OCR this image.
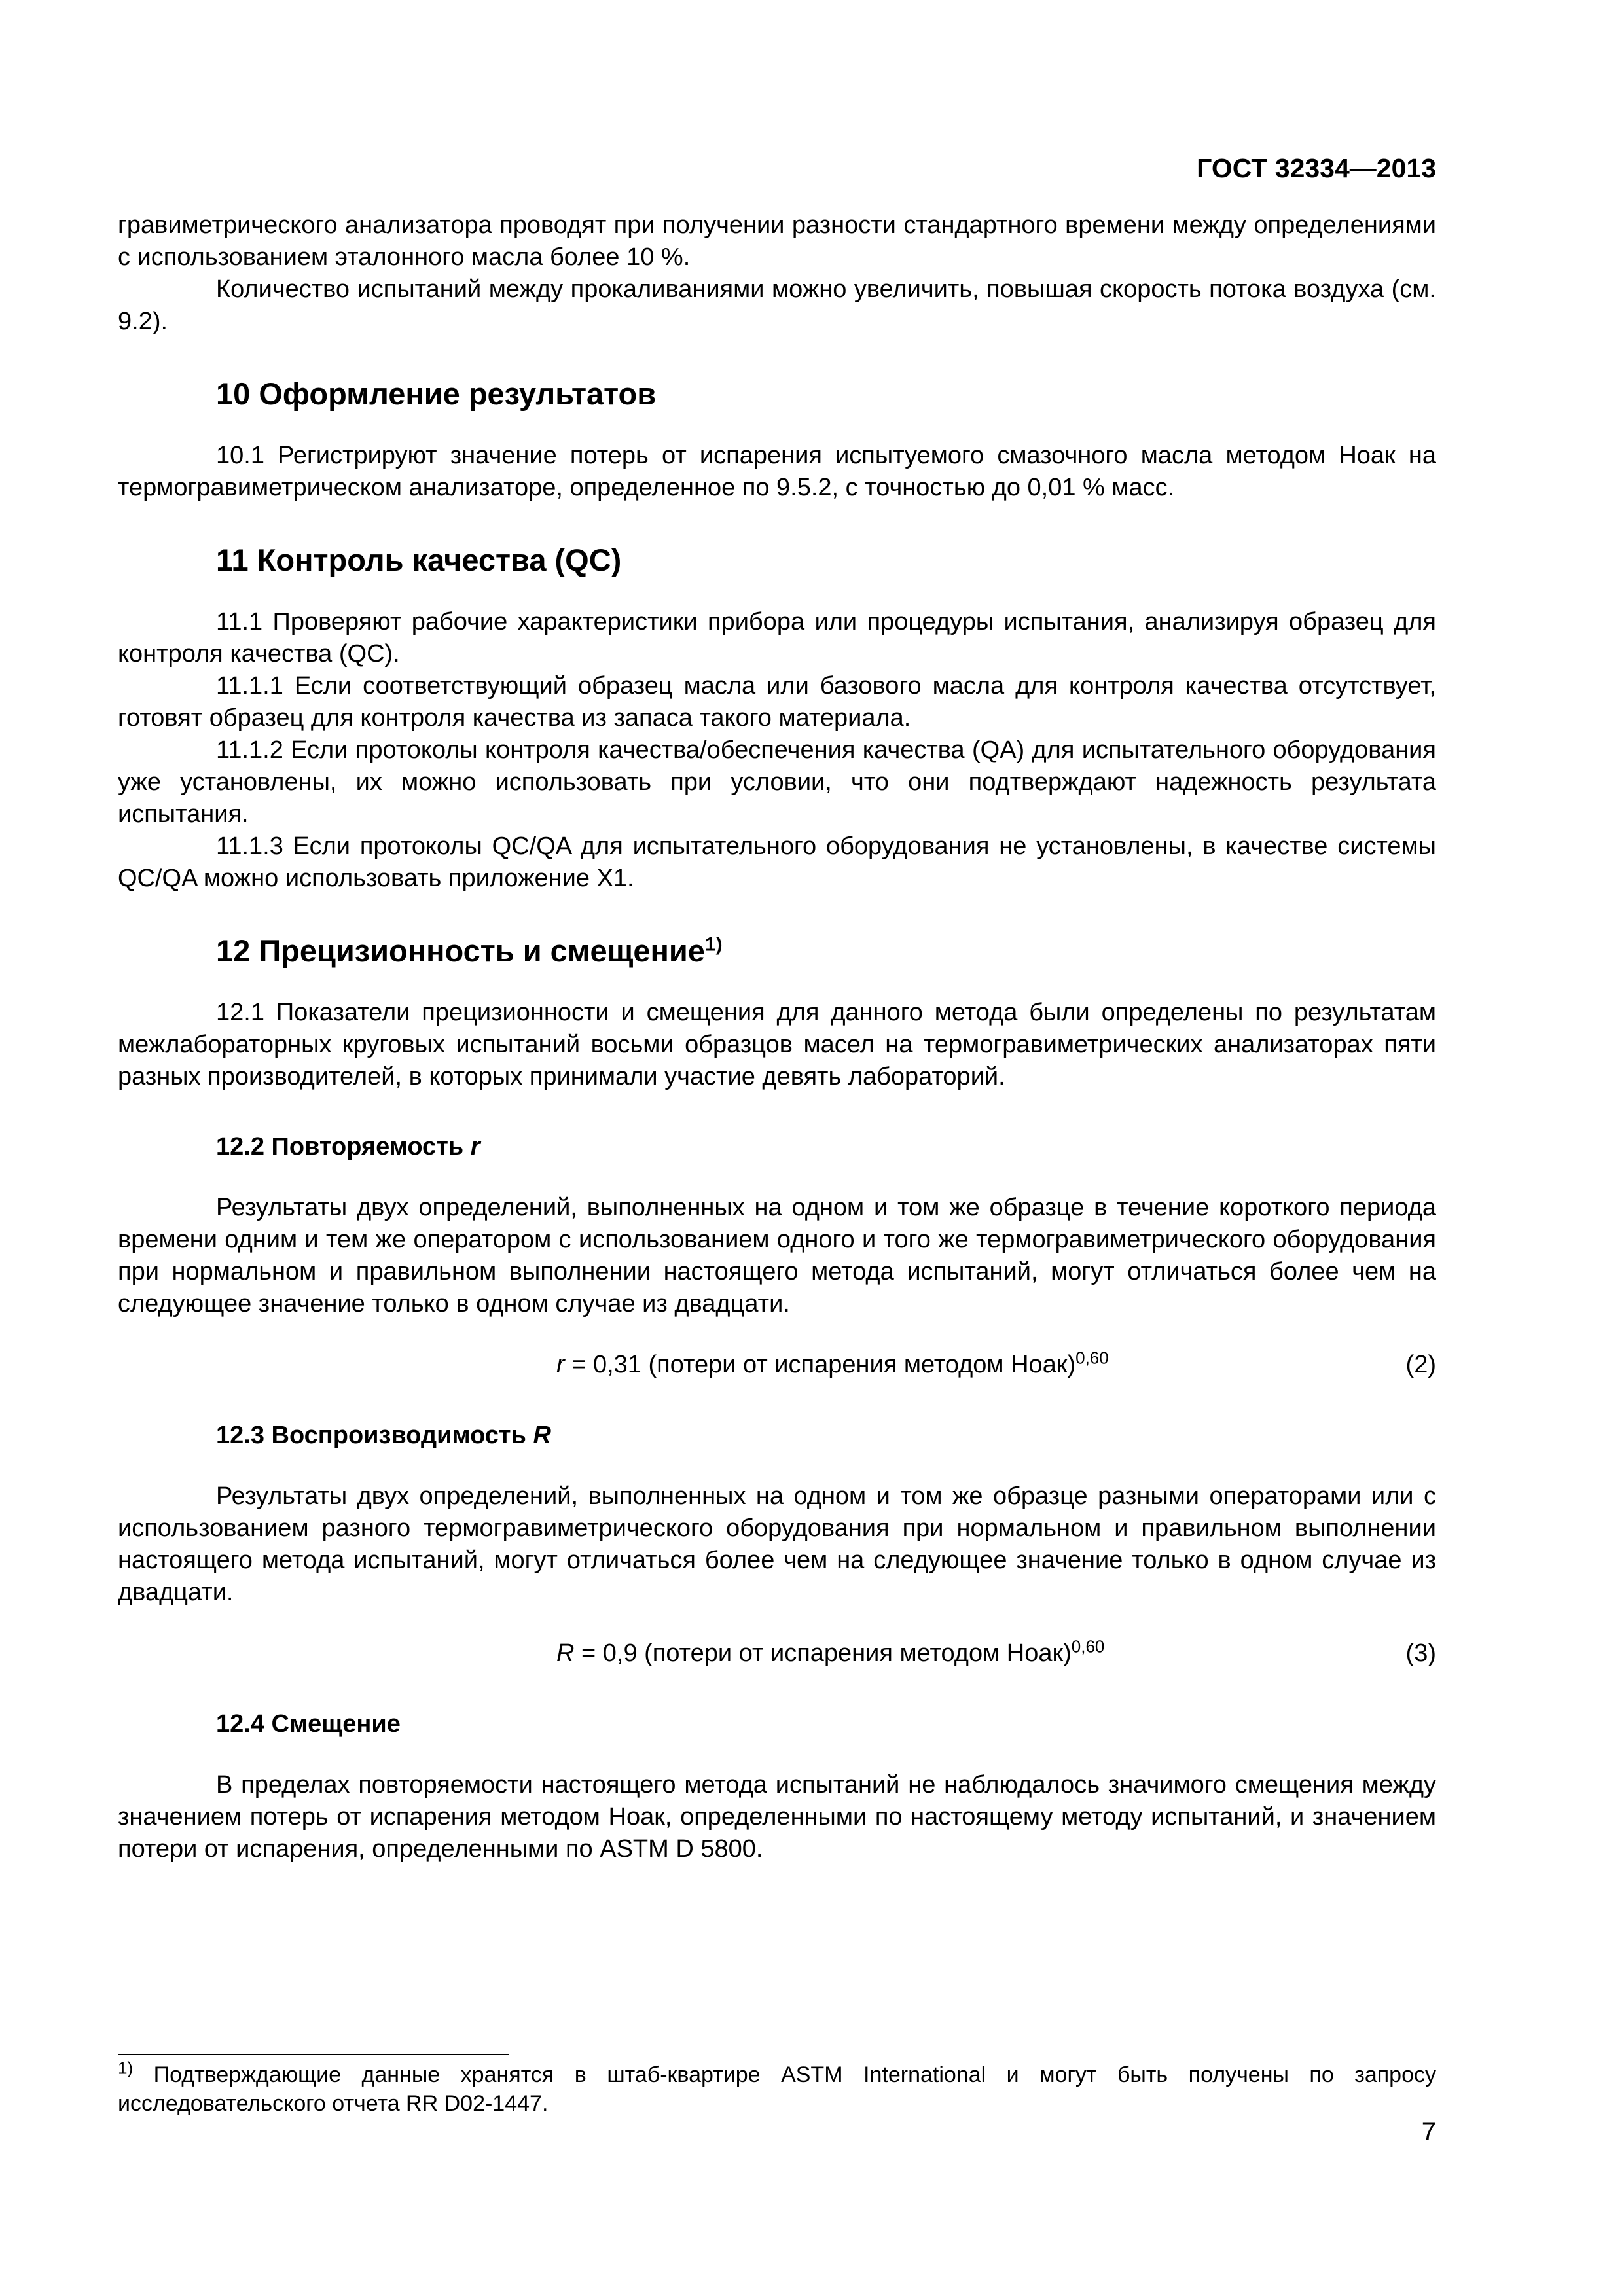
ГОСТ 32334—2013

гравиметрического анализатора проводят при получении разности стандартного времени между определениями с использованием эталонного масла более 10 %.

Количество испытаний между прокаливаниями можно увеличить, повышая скорость потока воздуха (см. 9.2).

10 Оформление результатов

10.1 Регистрируют значение потерь от испарения испытуемого смазочного масла методом Ноак на термогравиметрическом анализаторе, определенное по 9.5.2, с точностью до 0,01 % масс.

11 Контроль качества (QC)

11.1 Проверяют рабочие характеристики прибора или процедуры испытания, анализируя образец для контроля качества (QC).

11.1.1 Если соответствующий образец масла или базового масла для контроля качества отсутствует, готовят образец для контроля качества из запаса такого материала.

11.1.2 Если протоколы контроля качества/обеспечения качества (QA) для испытательного оборудования уже установлены, их можно использовать при условии, что они подтверждают надежность результата испытания.

11.1.3 Если протоколы QC/QA для испытательного оборудования не установлены, в качестве системы QC/QA можно использовать приложение X1.

12 Прецизионность и смещение$^{1)}$

12.1 Показатели прецизионности и смещения для данного метода были определены по результатам межлабораторных круговых испытаний восьми образцов масел на термогравиметрических анализаторах пяти разных производителей, в которых принимали участие девять лабораторий.

12.2 Повторяемость r

Результаты двух определений, выполненных на одном и том же образце в течение короткого периода времени одним и тем же оператором с использованием одного и того же термогравиметрического оборудования при нормальном и правильном выполнении настоящего метода испытаний, могут отличаться более чем на следующее значение только в одном случае из двадцати.

r = 0,31 (потери от испарения методом Ноак)$^{0,60}$	(2)
12.3 Воспроизводимость R

Результаты двух определений, выполненных на одном и том же образце разными операторами или с использованием разного термогравиметрического оборудования при нормальном и правильном выполнении настоящего метода испытаний, могут отличаться более чем на следующее значение только в одном случае из двадцати.

R = 0,9 (потери от испарения методом Ноак)$^{0,60}$	(3)
12.4 Смещение

В пределах повторяемости настоящего метода испытаний не наблюдалось значимого смещения между значением потерь от испарения методом Ноак, определенными по настоящему методу испытаний, и значением потери от испарения, определенными по ASTM D 5800.

$^{1)}$ Подтверждающие данные хранятся в штаб-квартире ASTM International и могут быть получены по запросу исследовательского отчета RR D02-1447.
7
